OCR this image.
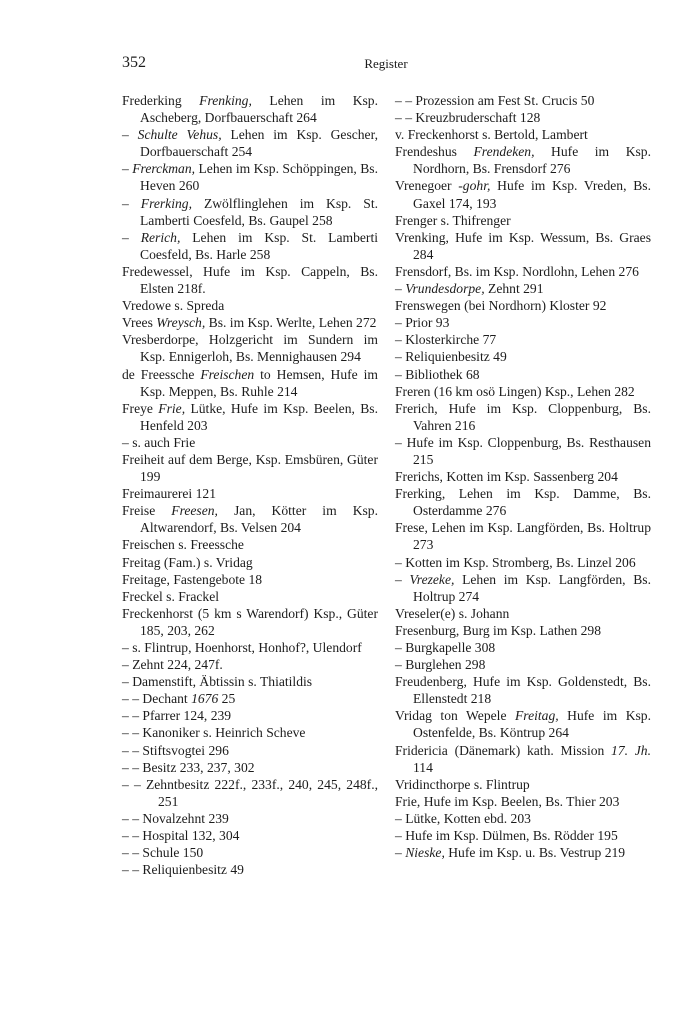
352	Register
Frederking Frenking, Lehen im Ksp. Ascheberg, Dorfbauerschaft 264
– Schulte Vehus, Lehen im Ksp. Gescher, Dorfbauerschaft 254
– Frerckman, Lehen im Ksp. Schöppingen, Bs. Heven 260
– Frerking, Zwölflinglehen im Ksp. St. Lamberti Coesfeld, Bs. Gaupel 258
– Rerich, Lehen im Ksp. St. Lamberti Coesfeld, Bs. Harle 258
Fredewessel, Hufe im Ksp. Cappeln, Bs. Elsten 218f.
Vredowe s. Spreda
Vrees Wreysch, Bs. im Ksp. Werlte, Lehen 272
Vresberdorpe, Holzgericht im Sundern im Ksp. Ennigerloh, Bs. Mennighausen 294
de Freessche Freischen to Hemsen, Hufe im Ksp. Meppen, Bs. Ruhle 214
Freye Frie, Lütke, Hufe im Ksp. Beelen, Bs. Henfeld 203
– s. auch Frie
Freiheit auf dem Berge, Ksp. Emsbüren, Güter 199
Freimaurerei 121
Freise Freesen, Jan, Kötter im Ksp. Altwarendorf, Bs. Velsen 204
Freischen s. Freessche
Freitag (Fam.) s. Vridag
Freitage, Fastengebote 18
Freckel s. Frackel
Freckenhorst (5 km s Warendorf) Ksp., Güter 185, 203, 262
– s. Flintrup, Hoenhorst, Honhof?, Ulendorf
– Zehnt 224, 247f.
– Damenstift, Äbtissin s. Thiatildis
– – Dechant 1676 25
– – Pfarrer 124, 239
– – Kanoniker s. Heinrich Scheve
– – Stiftsvogtei 296
– – Besitz 233, 237, 302
– – Zehntbesitz 222f., 233f., 240, 245, 248f., 251
– – Novalzehnt 239
– – Hospital 132, 304
– – Schule 150
– – Reliquienbesitz 49
– – Prozession am Fest St. Crucis 50
– – Kreuzbruderschaft 128
v. Freckenhorst s. Bertold, Lambert
Frendeshus Frendeken, Hufe im Ksp. Nordhorn, Bs. Frensdorf 276
Vrenegoer -gohr, Hufe im Ksp. Vreden, Bs. Gaxel 174, 193
Frenger s. Thifrenger
Vrenking, Hufe im Ksp. Wessum, Bs. Graes 284
Frensdorf, Bs. im Ksp. Nordlohn, Lehen 276
– Vrundesdorpe, Zehnt 291
Frenswegen (bei Nordhorn) Kloster 92
– Prior 93
– Klosterkirche 77
– Reliquienbesitz 49
– Bibliothek 68
Freren (16 km osö Lingen) Ksp., Lehen 282
Frerich, Hufe im Ksp. Cloppenburg, Bs. Vahren 216
– Hufe im Ksp. Cloppenburg, Bs. Resthausen 215
Frerichs, Kotten im Ksp. Sassenberg 204
Frerking, Lehen im Ksp. Damme, Bs. Osterdamme 276
Frese, Lehen im Ksp. Langförden, Bs. Holtrup 273
– Kotten im Ksp. Stromberg, Bs. Linzel 206
– Vrezeke, Lehen im Ksp. Langförden, Bs. Holtrup 274
Vreseler(e) s. Johann
Fresenburg, Burg im Ksp. Lathen 298
– Burgkapelle 308
– Burglehen 298
Freudenberg, Hufe im Ksp. Goldenstedt, Bs. Ellenstedt 218
Vridag ton Wepele Freitag, Hufe im Ksp. Ostenfelde, Bs. Köntrup 264
Fridericia (Dänemark) kath. Mission 17. Jh. 114
Vridincthorpe s. Flintrup
Frie, Hufe im Ksp. Beelen, Bs. Thier 203
– Lütke, Kotten ebd. 203
– Hufe im Ksp. Dülmen, Bs. Rödder 195
– Nieske, Hufe im Ksp. u. Bs. Vestrup 219
